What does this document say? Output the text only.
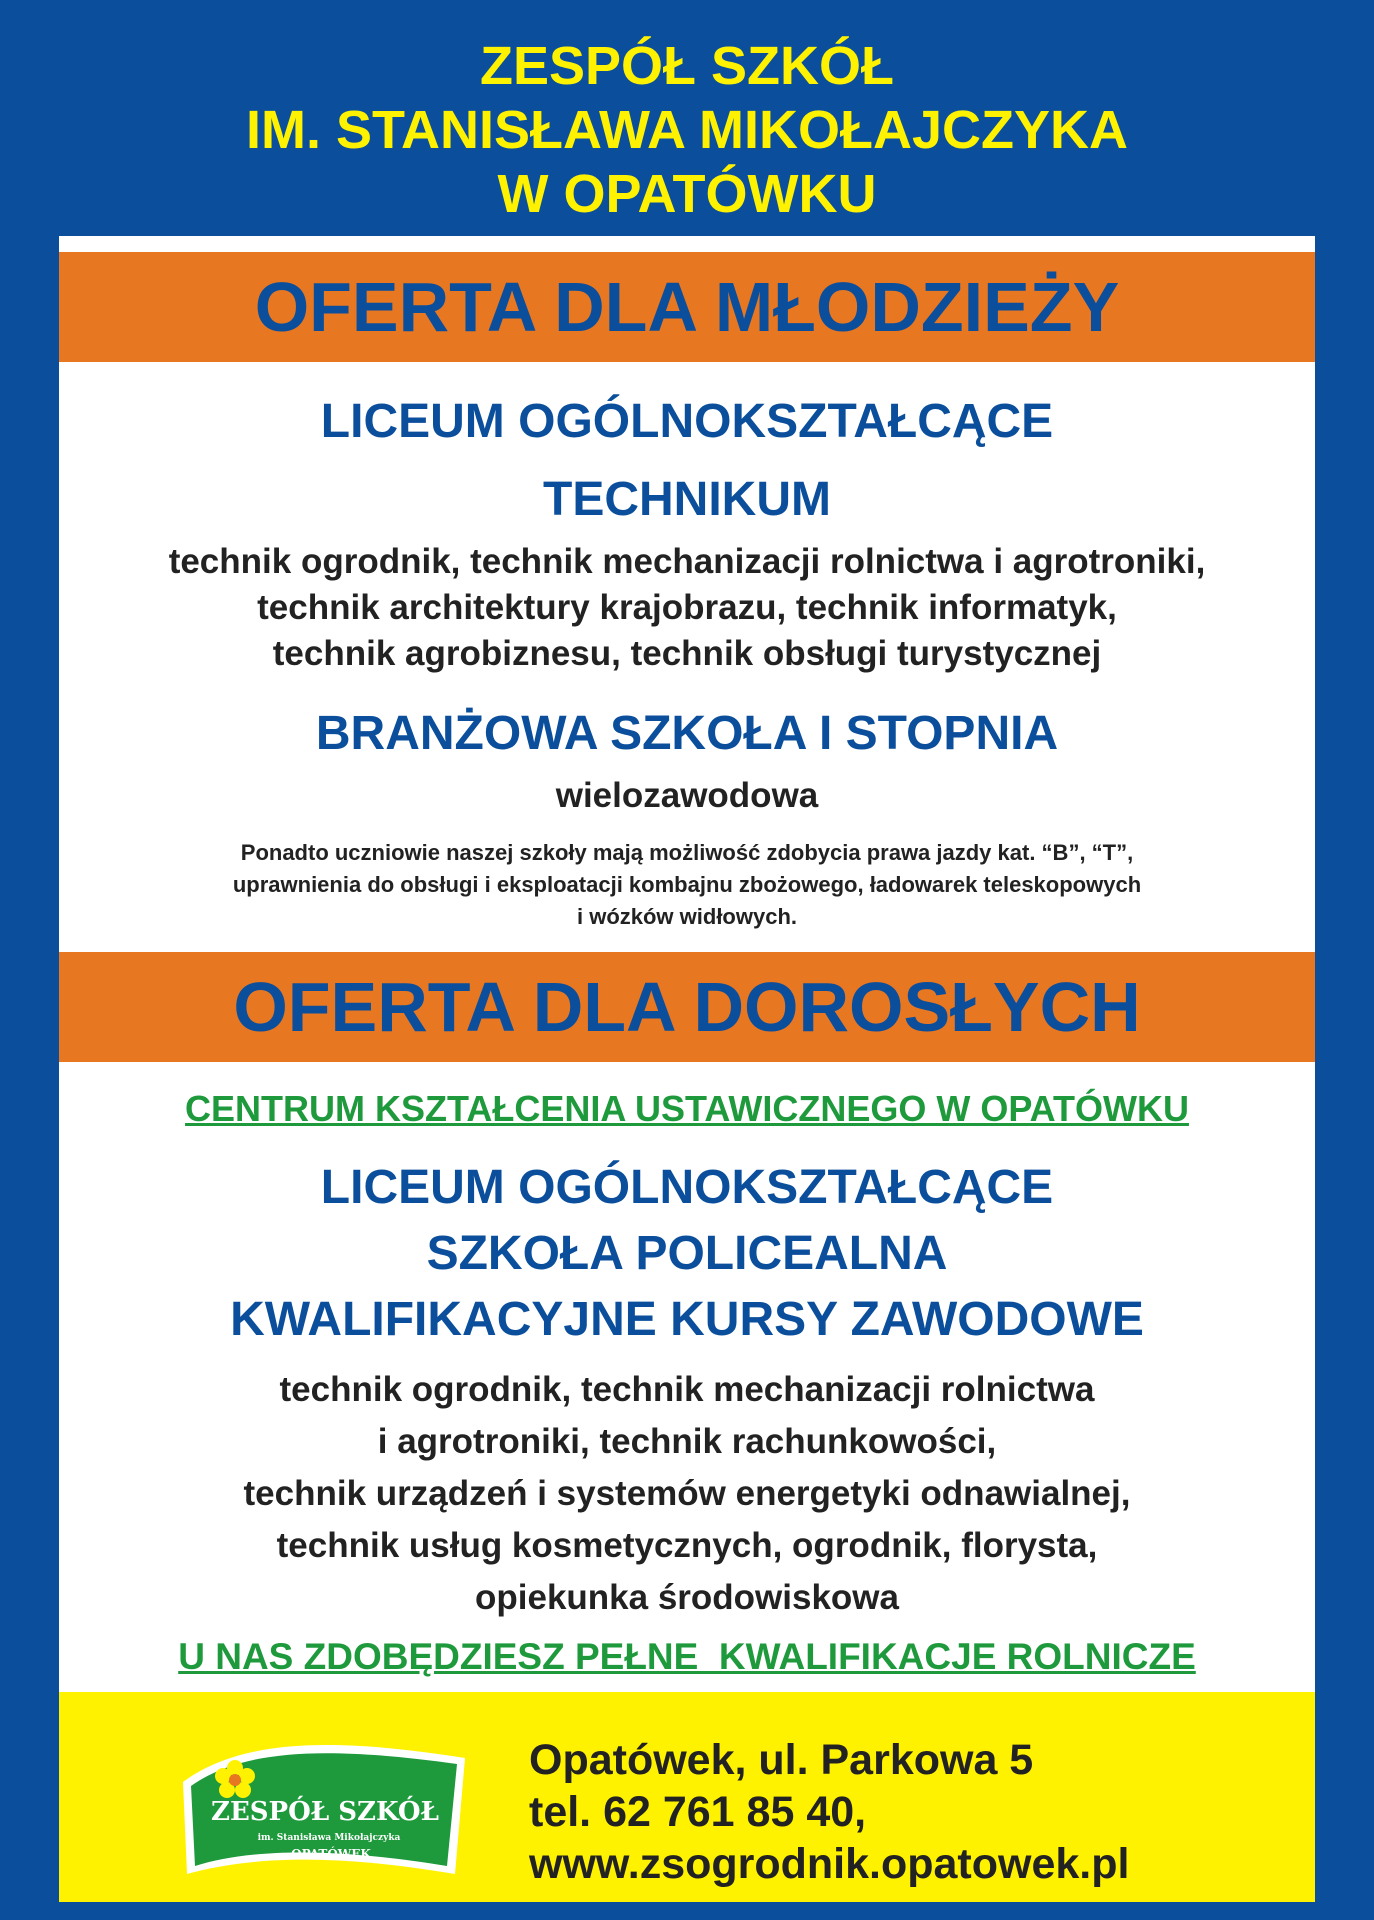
ZESPÓŁ SZKÓŁ
IM. STANISŁAWA MIKOŁAJCZYKA
W OPATÓWKU
OFERTA DLA MŁODZIEŻY
LICEUM OGÓLNOKSZTAŁCĄCE
TECHNIKUM
technik ogrodnik, technik mechanizacji rolnictwa i agrotroniki,
technik architektury krajobrazu, technik informatyk,
technik agrobiznesu, technik obsługi turystycznej
BRANŻOWA SZKOŁA I STOPNIA
wielozawodowa
Ponadto uczniowie naszej szkoły mają możliwość zdobycia prawa jazdy kat. “B”, “T”,
uprawnienia do obsługi i eksploatacji kombajnu zbożowego, ładowarek teleskopowych
i wózków widłowych.
OFERTA DLA DOROSŁYCH
CENTRUM KSZTAŁCENIA USTAWICZNEGO W OPATÓWKU
LICEUM OGÓLNOKSZTAŁCĄCE
SZKOŁA POLICEALNA
KWALIFIKACYJNE KURSY ZAWODOWE
technik ogrodnik, technik mechanizacji rolnictwa
i agrotroniki, technik rachunkowości,
technik urządzeń i systemów energetyki odnawialnej,
technik usług kosmetycznych, ogrodnik, florysta,
opiekunka środowiskowa
U NAS ZDOBĘDZIESZ PEŁNE  KWALIFIKACJE ROLNICZE
ZESPÓŁ SZKÓŁ
im. Stanisława Mikołajczyka
OPATÓWEK
Opatówek, ul. Parkowa 5
tel. 62 761 85 40,
www.zsogrodnik.opatowek.pl
